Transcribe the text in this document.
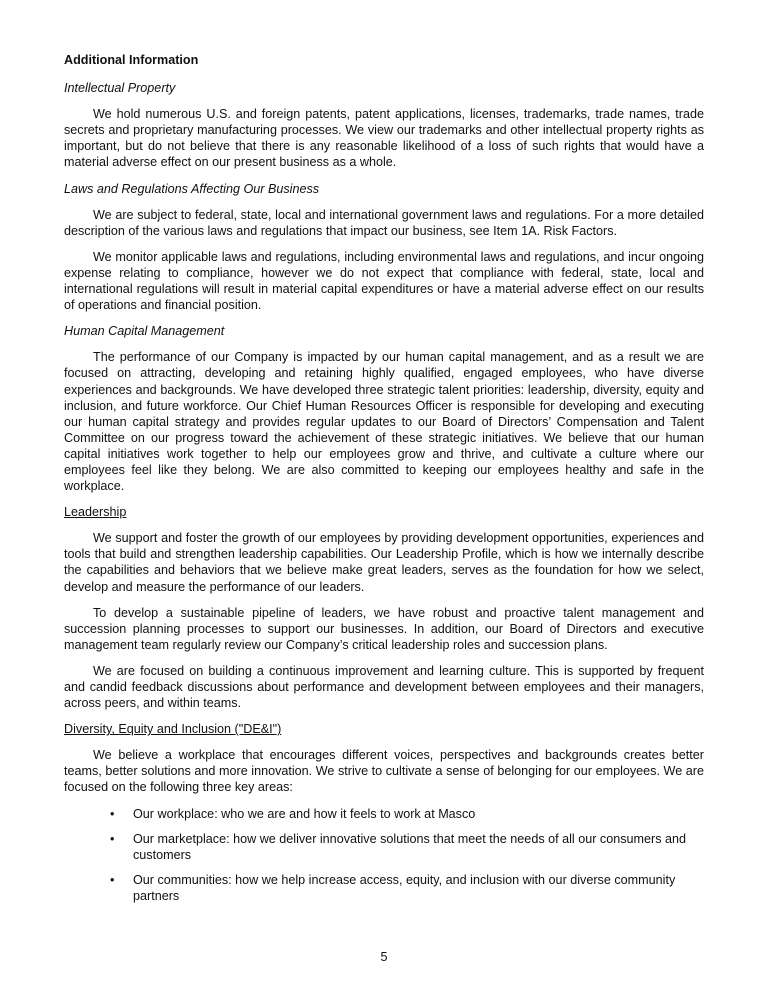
Additional Information
Intellectual Property

We hold numerous U.S. and foreign patents, patent applications, licenses, trademarks, trade names, trade secrets and proprietary manufacturing processes. We view our trademarks and other intellectual property rights as important, but do not believe that there is any reasonable likelihood of a loss of such rights that would have a material adverse effect on our present business as a whole.

Laws and Regulations Affecting Our Business

We are subject to federal, state, local and international government laws and regulations. For a more detailed description of the various laws and regulations that impact our business, see Item 1A. Risk Factors.

We monitor applicable laws and regulations, including environmental laws and regulations, and incur ongoing expense relating to compliance, however we do not expect that compliance with federal, state, local and international regulations will result in material capital expenditures or have a material adverse effect on our results of operations and financial position.

Human Capital Management

The performance of our Company is impacted by our human capital management, and as a result we are focused on attracting, developing and retaining highly qualified, engaged employees, who have diverse experiences and backgrounds. We have developed three strategic talent priorities: leadership, diversity, equity and inclusion, and future workforce. Our Chief Human Resources Officer is responsible for developing and executing our human capital strategy and provides regular updates to our Board of Directors’ Compensation and Talent Committee on our progress toward the achievement of these strategic initiatives. We believe that our human capital initiatives work together to help our employees grow and thrive, and cultivate a culture where our employees feel like they belong. We are also committed to keeping our employees healthy and safe in the workplace.

Leadership

We support and foster the growth of our employees by providing development opportunities, experiences and tools that build and strengthen leadership capabilities. Our Leadership Profile, which is how we internally describe the capabilities and behaviors that we believe make great leaders, serves as the foundation for how we select, develop and measure the performance of our leaders.

To develop a sustainable pipeline of leaders, we have robust and proactive talent management and succession planning processes to support our businesses. In addition, our Board of Directors and executive management team regularly review our Company’s critical leadership roles and succession plans.

We are focused on building a continuous improvement and learning culture. This is supported by frequent and candid feedback discussions about performance and development between employees and their managers, across peers, and within teams.

Diversity, Equity and Inclusion ("DE&I")

We believe a workplace that encourages different voices, perspectives and backgrounds creates better teams, better solutions and more innovation. We strive to cultivate a sense of belonging for our employees. We are focused on the following three key areas:

• Our workplace: who we are and how it feels to work at Masco
• Our marketplace: how we deliver innovative solutions that meet the needs of all our consumers and customers
• Our communities: how we help increase access, equity, and inclusion with our diverse community partners
5
